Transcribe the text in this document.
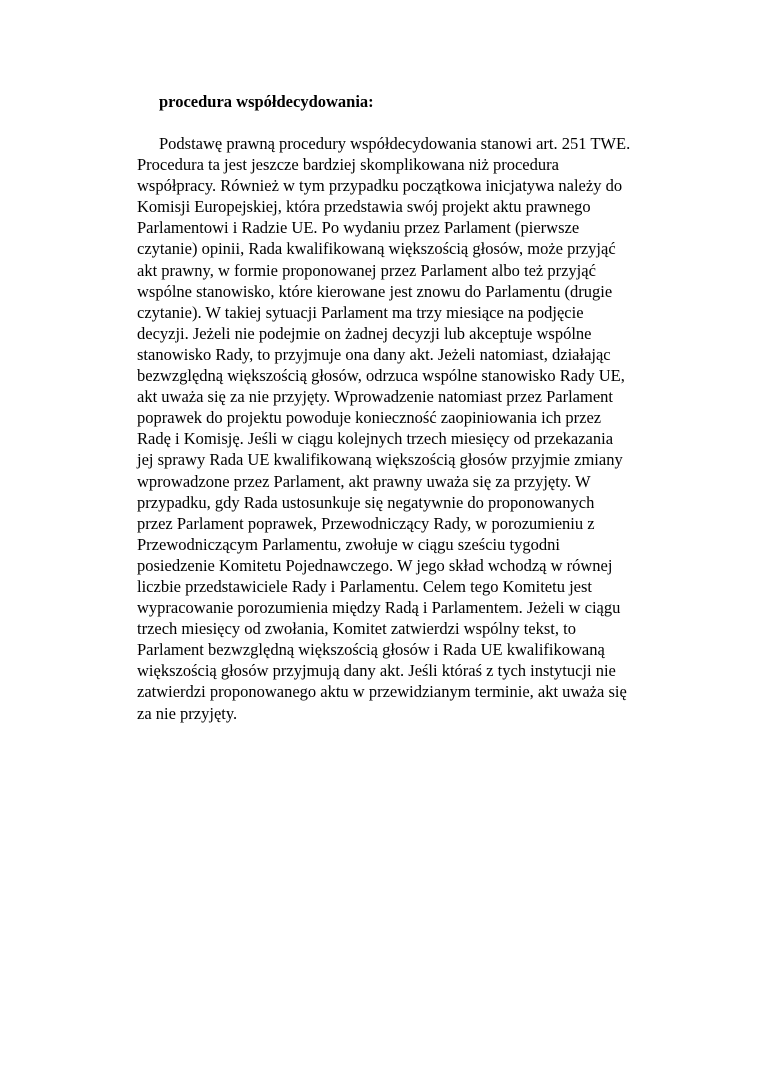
procedura współdecydowania:
Podstawę prawną procedury współdecydowania stanowi art. 251 TWE.
Procedura ta jest jeszcze bardziej skomplikowana niż procedura
współpracy. Również w tym przypadku początkowa inicjatywa należy do
Komisji Europejskiej, która przedstawia swój projekt aktu prawnego
Parlamentowi i Radzie UE. Po wydaniu przez Parlament (pierwsze
czytanie) opinii, Rada kwalifikowaną większością głosów, może przyjąć
akt prawny, w formie proponowanej przez Parlament albo też przyjąć
wspólne stanowisko, które kierowane jest znowu do Parlamentu (drugie
czytanie). W takiej sytuacji Parlament ma trzy miesiące na podjęcie
decyzji. Jeżeli nie podejmie on żadnej decyzji lub akceptuje wspólne
stanowisko Rady, to przyjmuje ona dany akt. Jeżeli natomiast, działając
bezwzględną większością głosów, odrzuca wspólne stanowisko Rady UE,
akt uważa się za nie przyjęty. Wprowadzenie natomiast przez Parlament
poprawek do projektu powoduje konieczność zaopiniowania ich przez
Radę i Komisję. Jeśli w ciągu kolejnych trzech miesięcy od przekazania
jej sprawy Rada UE kwalifikowaną większością głosów przyjmie zmiany
wprowadzone przez Parlament, akt prawny uważa się za przyjęty. W
przypadku, gdy Rada ustosunkuje się negatywnie do proponowanych
przez Parlament poprawek, Przewodniczący Rady, w porozumieniu z
Przewodniczącym Parlamentu, zwołuje w ciągu sześciu tygodni
posiedzenie Komitetu Pojednawczego. W jego skład wchodzą w równej
liczbie przedstawiciele Rady i Parlamentu. Celem tego Komitetu jest
wypracowanie porozumienia między Radą i Parlamentem. Jeżeli w ciągu
trzech miesięcy od zwołania, Komitet zatwierdzi wspólny tekst, to
Parlament bezwzględną większością głosów i Rada UE kwalifikowaną
większością głosów przyjmują dany akt. Jeśli któraś z tych instytucji nie
zatwierdzi proponowanego aktu w przewidzianym terminie, akt uważa się
za nie przyjęty.
